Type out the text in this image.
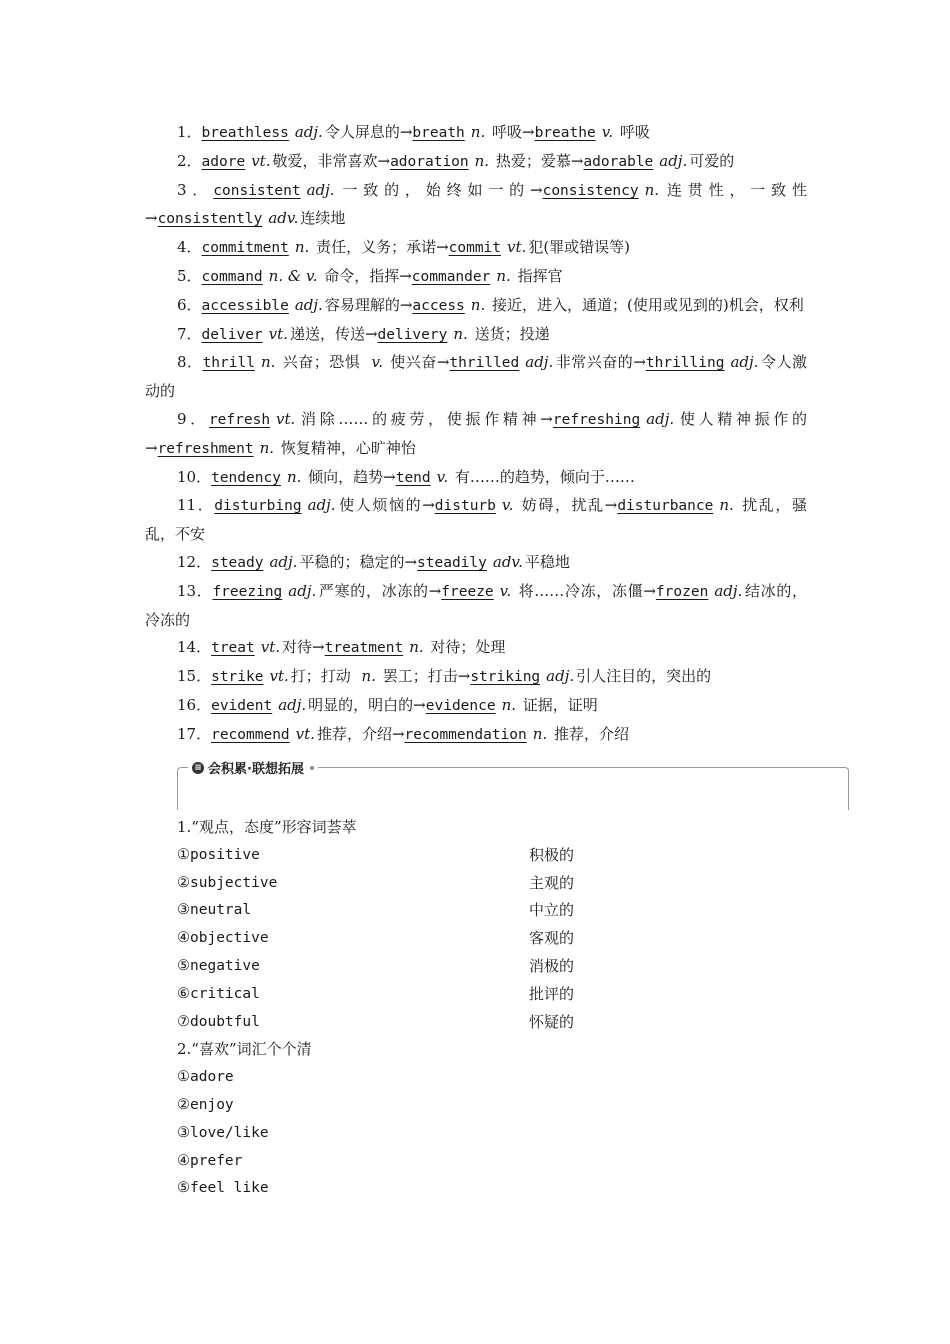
1．breathless adj. 令人屏息的→breath n. 呼吸→breathe v. 呼吸

2．adore vt. 敬爱，非常喜欢→adoration n. 热爱；爱慕→adorable adj. 可爱的

3．consistent adj. 一致的，始终如一的→consistency n. 连贯性，一致性→consistently adv. 连续地

4．commitment n. 责任，义务；承诺→commit vt. 犯(罪或错误等)

5．command n. & v. 命令，指挥→commander n. 指挥官

6．accessible adj. 容易理解的→access n. 接近，进入，通道；(使用或见到的)机会，权利

7．deliver vt. 递送，传送→delivery n. 送货；投递

8．thrill n. 兴奋；恐惧 v. 使兴奋→thrilled adj. 非常兴奋的→thrilling adj. 令人激动的

9．refresh vt. 消除……的疲劳，使振作精神→refreshing adj. 使人精神振作的→refreshment n. 恢复精神，心旷神怡

10．tendency n. 倾向，趋势→tend v. 有……的趋势，倾向于……

11．disturbing adj. 使人烦恼的→disturb v. 妨碍，扰乱→disturbance n. 扰乱，骚乱，不安

12．steady adj. 平稳的；稳定的→steadily adv. 平稳地

13．freezing adj. 严寒的，冰冻的→freeze v. 将……冷冻，冻僵→frozen adj. 结冰的，冷冻的

14．treat vt. 对待→treatment n. 对待；处理

15．strike vt. 打；打动 n. 罢工；打击→striking adj. 引人注目的，突出的

16．evident adj. 明显的，明白的→evidence n. 证据，证明

17．recommend vt. 推荐，介绍→recommendation n. 推荐，介绍

≡ 会积累·联想拓展

1.“观点，态度”形容词荟萃

①positive	积极的
②subjective	主观的
③neutral	中立的
④objective	客观的
⑤negative	消极的
⑥critical	批评的
⑦doubtful	怀疑的

2.“喜欢”词汇个个清

①adore

②enjoy

③love/like

④prefer

⑤feel like
